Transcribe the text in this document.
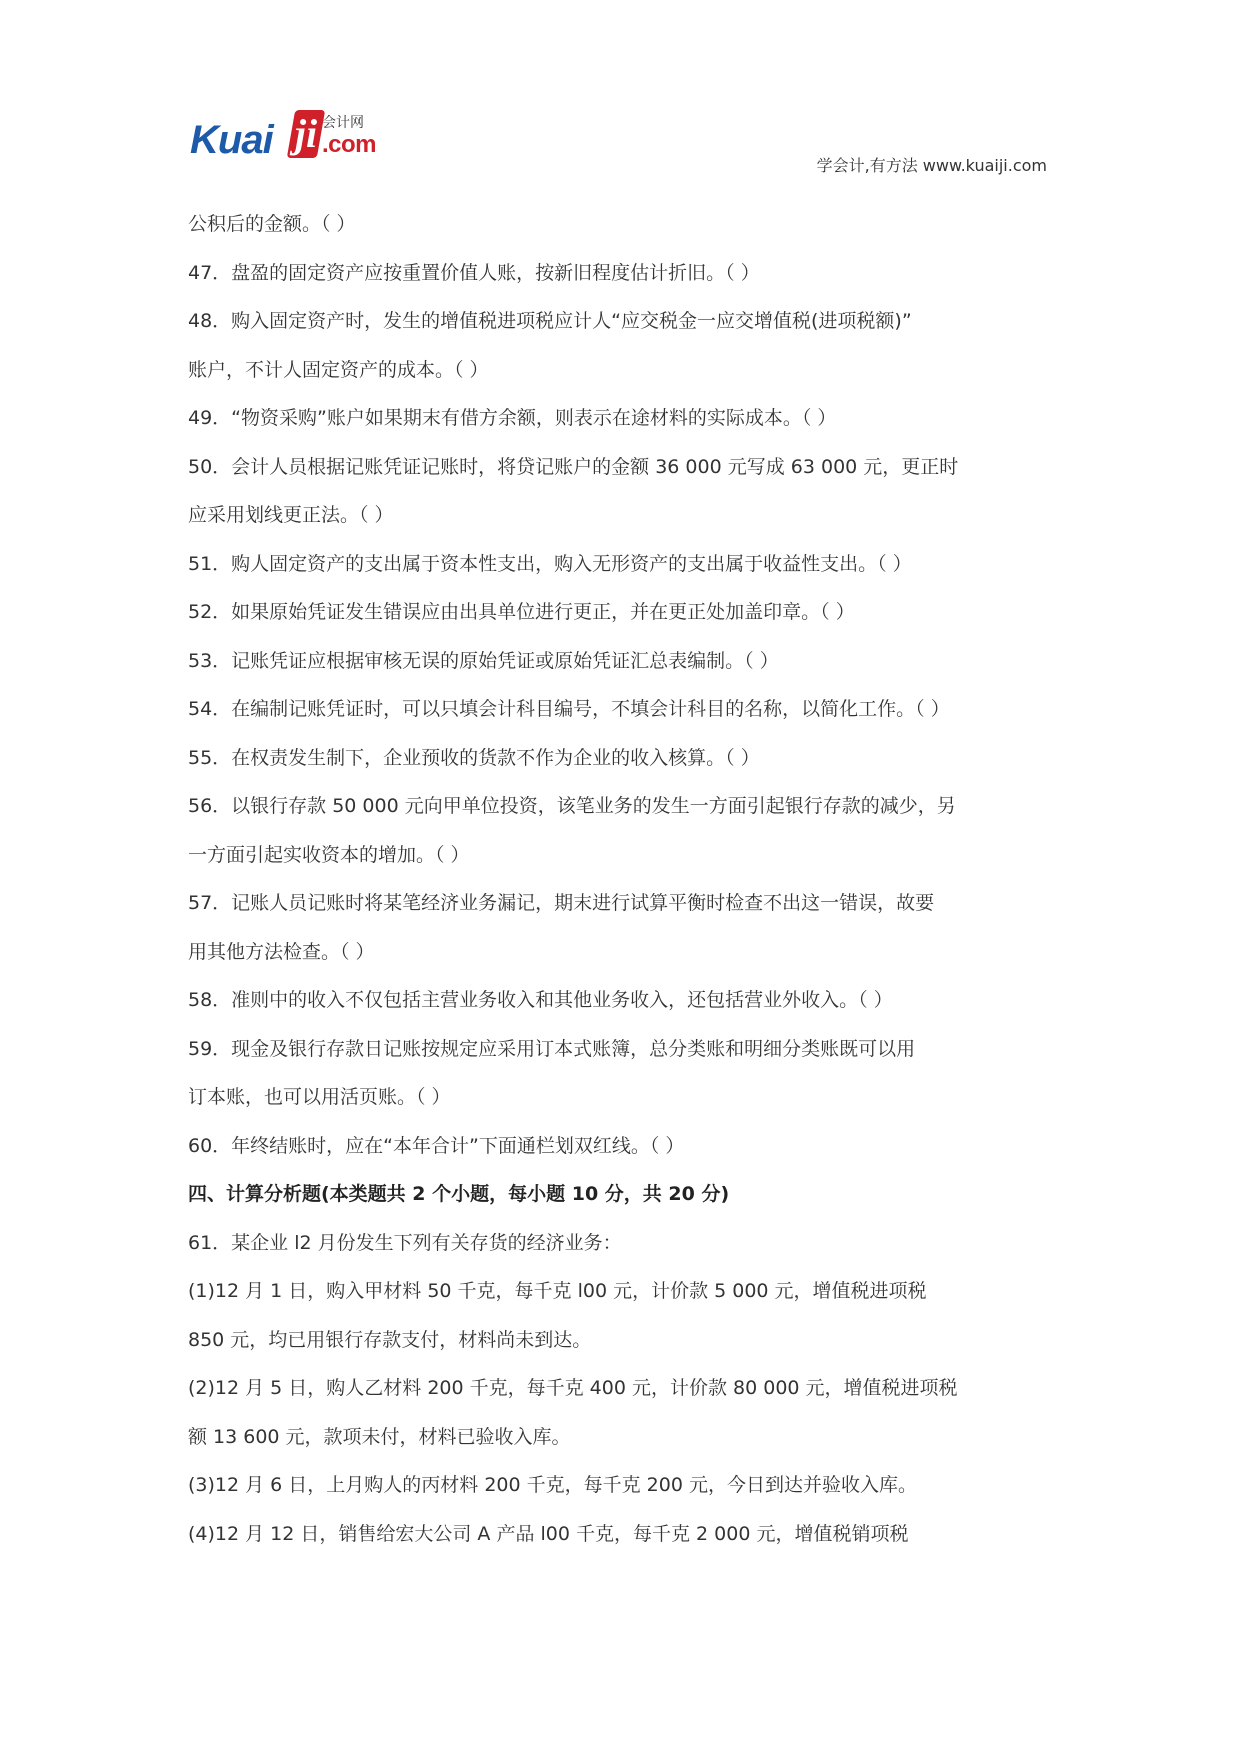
Kuai ji 会计网
.com
学会计,有方法 www.kuaiji.com
公积后的金额。（ ）
47．盘盈的固定资产应按重置价值人账，按新旧程度估计折旧。（ ）
48．购入固定资产时，发生的增值税进项税应计人“应交税金一应交增值税(进项税额)”
账户，不计人固定资产的成本。（ ）
49．“物资采购”账户如果期末有借方余额，则表示在途材料的实际成本。（ ）
50．会计人员根据记账凭证记账时，将贷记账户的金额 36 000 元写成 63 000 元，更正时
应采用划线更正法。（ ）
51．购人固定资产的支出属于资本性支出，购入无形资产的支出属于收益性支出。（ ）
52．如果原始凭证发生错误应由出具单位进行更正，并在更正处加盖印章。（ ）
53．记账凭证应根据审核无误的原始凭证或原始凭证汇总表编制。（ ）
54．在编制记账凭证时，可以只填会计科目编号，不填会计科目的名称，以简化工作。（ ）
55．在权责发生制下，企业预收的货款不作为企业的收入核算。（ ）
56．以银行存款 50 000 元向甲单位投资，该笔业务的发生一方面引起银行存款的减少，另
一方面引起实收资本的增加。（ ）
57．记账人员记账时将某笔经济业务漏记，期末进行试算平衡时检查不出这一错误，故要
用其他方法检查。（ ）
58．准则中的收入不仅包括主营业务收入和其他业务收入，还包括营业外收入。（ ）
59．现金及银行存款日记账按规定应采用订本式账簿，总分类账和明细分类账既可以用
订本账，也可以用活页账。（ ）
60．年终结账时，应在“本年合计”下面通栏划双红线。（ ）
四、计算分析题(本类题共 2 个小题，每小题 10 分，共 20 分)
61．某企业 l2 月份发生下列有关存货的经济业务：
(1)12 月 1 日，购入甲材料 50 千克，每千克 l00 元，计价款 5 000 元，增值税进项税
850 元，均已用银行存款支付，材料尚未到达。
(2)12 月 5 日，购人乙材料 200 千克，每千克 400 元，计价款 80 000 元，增值税进项税
额 13 600 元，款项未付，材料已验收入库。
(3)12 月 6 日，上月购人的丙材料 200 千克，每千克 200 元，今日到达并验收入库。
(4)12 月 12 日，销售给宏大公司 A 产品 l00 千克，每千克 2 000 元，增值税销项税
